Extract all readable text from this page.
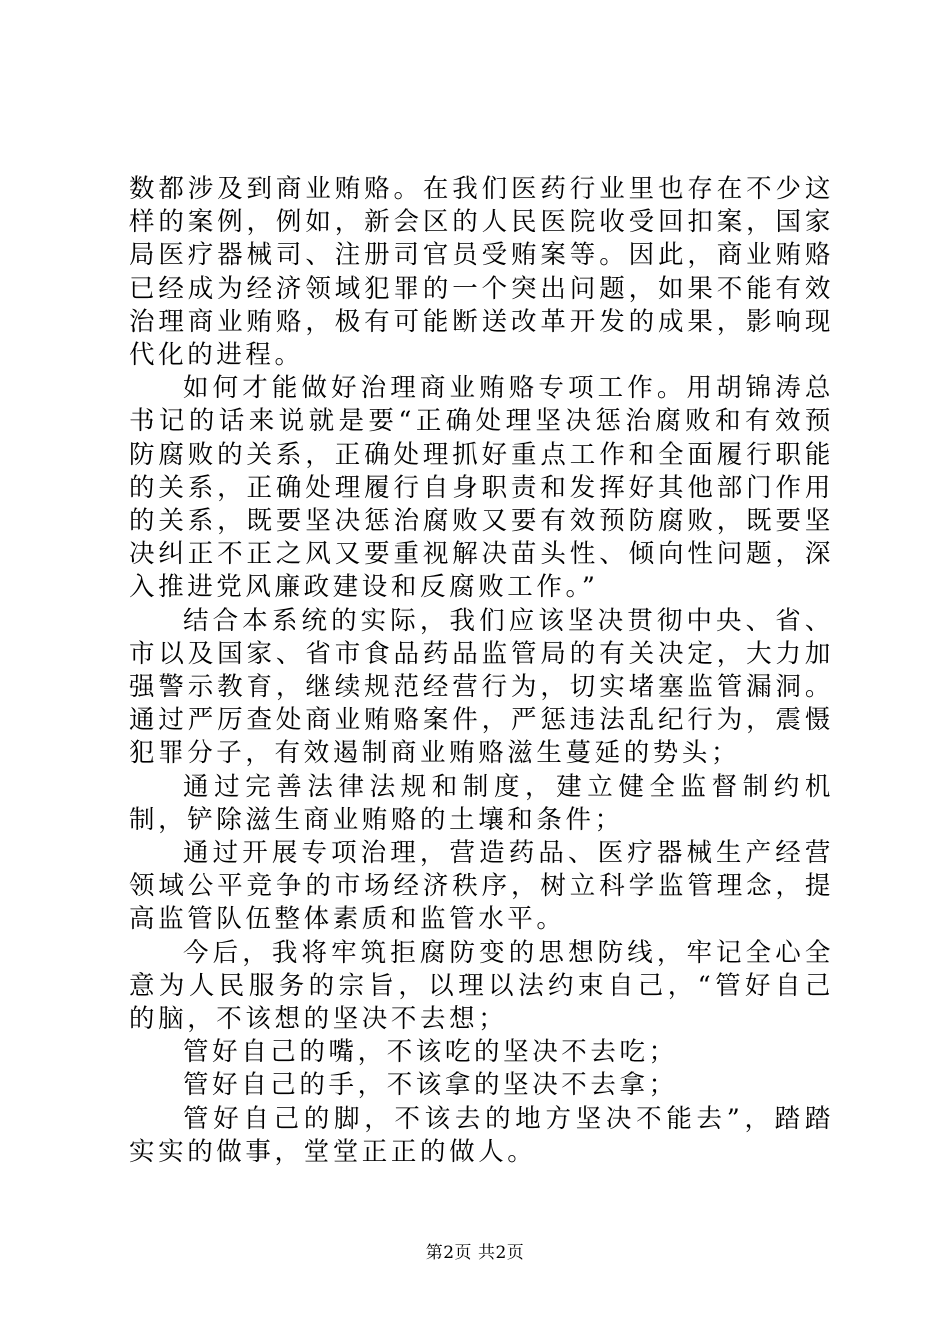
数都涉及到商业贿赂。在我们医药行业里也存在不少这样的案例，例如，新会区的人民医院收受回扣案，国家局医疗器械司、注册司官员受贿案等。因此，商业贿赂已经成为经济领域犯罪的一个突出问题，如果不能有效治理商业贿赂，极有可能断送改革开发的成果，影响现代化的进程。

如何才能做好治理商业贿赂专项工作。用胡锦涛总书记的话来说就是要“正确处理坚决惩治腐败和有效预防腐败的关系，正确处理抓好重点工作和全面履行职能的关系，正确处理履行自身职责和发挥好其他部门作用的关系，既要坚决惩治腐败又要有效预防腐败，既要坚决纠正不正之风又要重视解决苗头性、倾向性问题，深入推进党风廉政建设和反腐败工作。”

结合本系统的实际，我们应该坚决贯彻中央、省、市以及国家、省市食品药品监管局的有关决定，大力加强警示教育，继续规范经营行为，切实堵塞监管漏洞。通过严厉查处商业贿赂案件，严惩违法乱纪行为，震慑犯罪分子，有效遏制商业贿赂滋生蔓延的势头；

通过完善法律法规和制度，建立健全监督制约机制，铲除滋生商业贿赂的土壤和条件；

通过开展专项治理，营造药品、医疗器械生产经营领域公平竞争的市场经济秩序，树立科学监管理念，提高监管队伍整体素质和监管水平。

今后，我将牢筑拒腐防变的思想防线，牢记全心全意为人民服务的宗旨，以理以法约束自己，“管好自己的脑，不该想的坚决不去想；

管好自己的嘴，不该吃的坚决不去吃；

管好自己的手，不该拿的坚决不去拿；

管好自己的脚，不该去的地方坚决不能去”，踏踏实实的做事，堂堂正正的做人。

第2页 共2页
